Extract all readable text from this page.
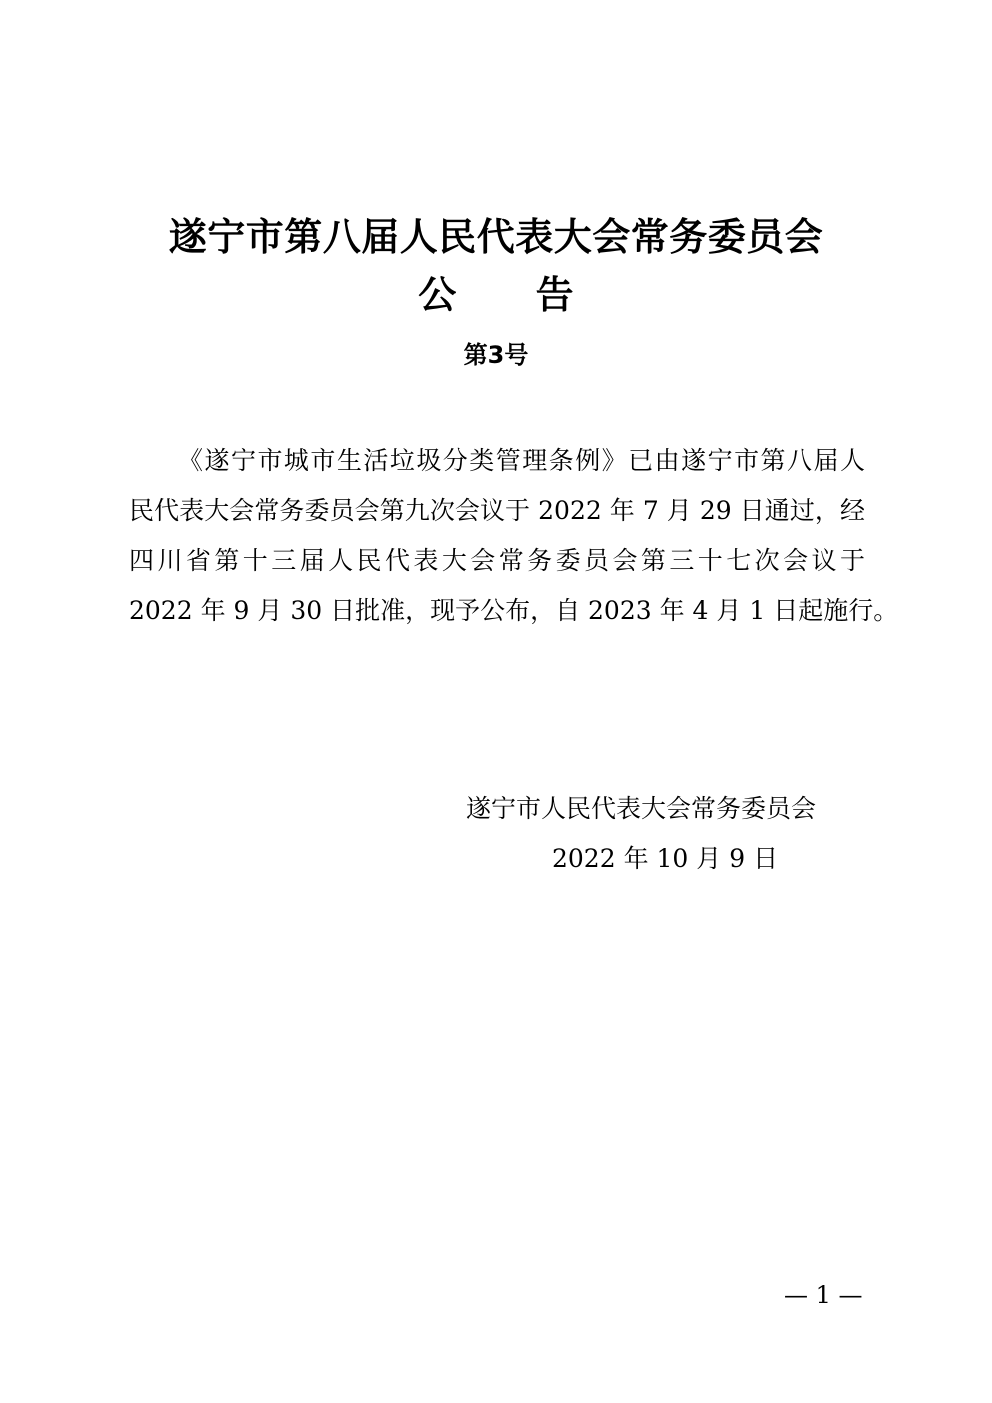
遂宁市第八届人民代表大会常务委员会
公      告
第3号
《遂宁市城市生活垃圾分类管理条例》已由遂宁市第八届人
民代表大会常务委员会第九次会议于 2022 年 7 月 29 日通过，经
四川省第十三届人民代表大会常务委员会第三十七次会议于
2022 年 9 月 30 日批准，现予公布，自 2023 年 4 月 1 日起施行。
遂宁市人民代表大会常务委员会
2022 年 10 月 9 日
— 1 —
